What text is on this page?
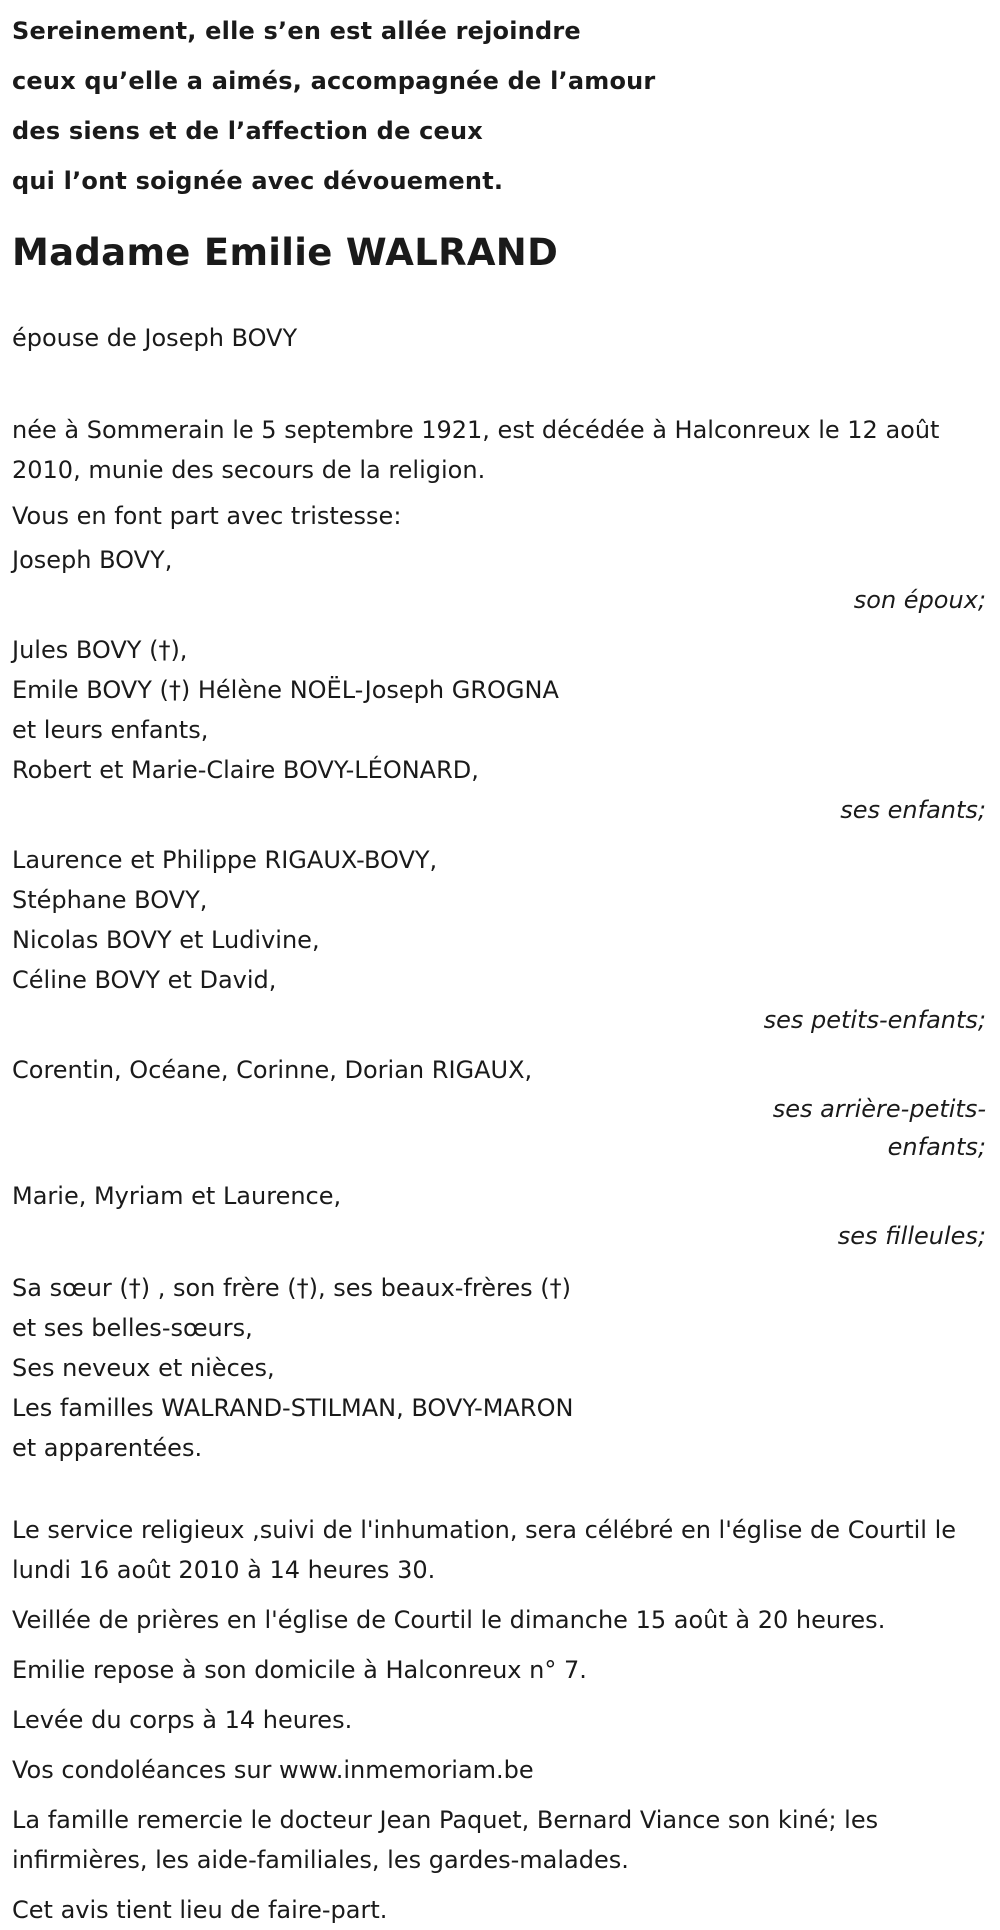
Sereinement, elle s’en est allée rejoindre
ceux qu’elle a aimés, accompagnée de l’amour
des siens et de l’affection de ceux
qui l’ont soignée avec dévouement.
Madame Emilie WALRAND

épouse de Joseph BOVY

née à Sommerain le 5 septembre 1921, est décédée à Halconreux le 12 août 2010, munie des secours de la religion.

Vous en font part avec tristesse:

Joseph BOVY,
son époux;
Jules BOVY (†),
Emile BOVY (†) Hélène NOËL-Joseph GROGNA
et leurs enfants,
Robert et Marie-Claire BOVY-LÉONARD,
ses enfants;
Laurence et Philippe RIGAUX-BOVY,
Stéphane BOVY,
Nicolas BOVY et Ludivine,
Céline BOVY et David,
ses petits-enfants;
Corentin, Océane, Corinne, Dorian RIGAUX,
ses arrière-petits-
enfants;
Marie, Myriam et Laurence,
ses filleules;
Sa sœur (†) , son frère (†), ses beaux-frères (†)
et ses belles-sœurs,
Ses neveux et nièces,
Les familles WALRAND-STILMAN, BOVY-MARON
et apparentées.

Le service religieux ,suivi de l'inhumation, sera célébré en l'église de Courtil le lundi 16 août 2010 à 14 heures 30.

Veillée de prières en l'église de Courtil le dimanche 15 août à 20 heures.

Emilie repose à son domicile à Halconreux n° 7.

Levée du corps à 14 heures.

Vos condoléances sur www.inmemoriam.be

La famille remercie le docteur Jean Paquet, Bernard Viance son kiné; les infirmières, les aide-familiales, les gardes-malades.

Cet avis tient lieu de faire-part.
